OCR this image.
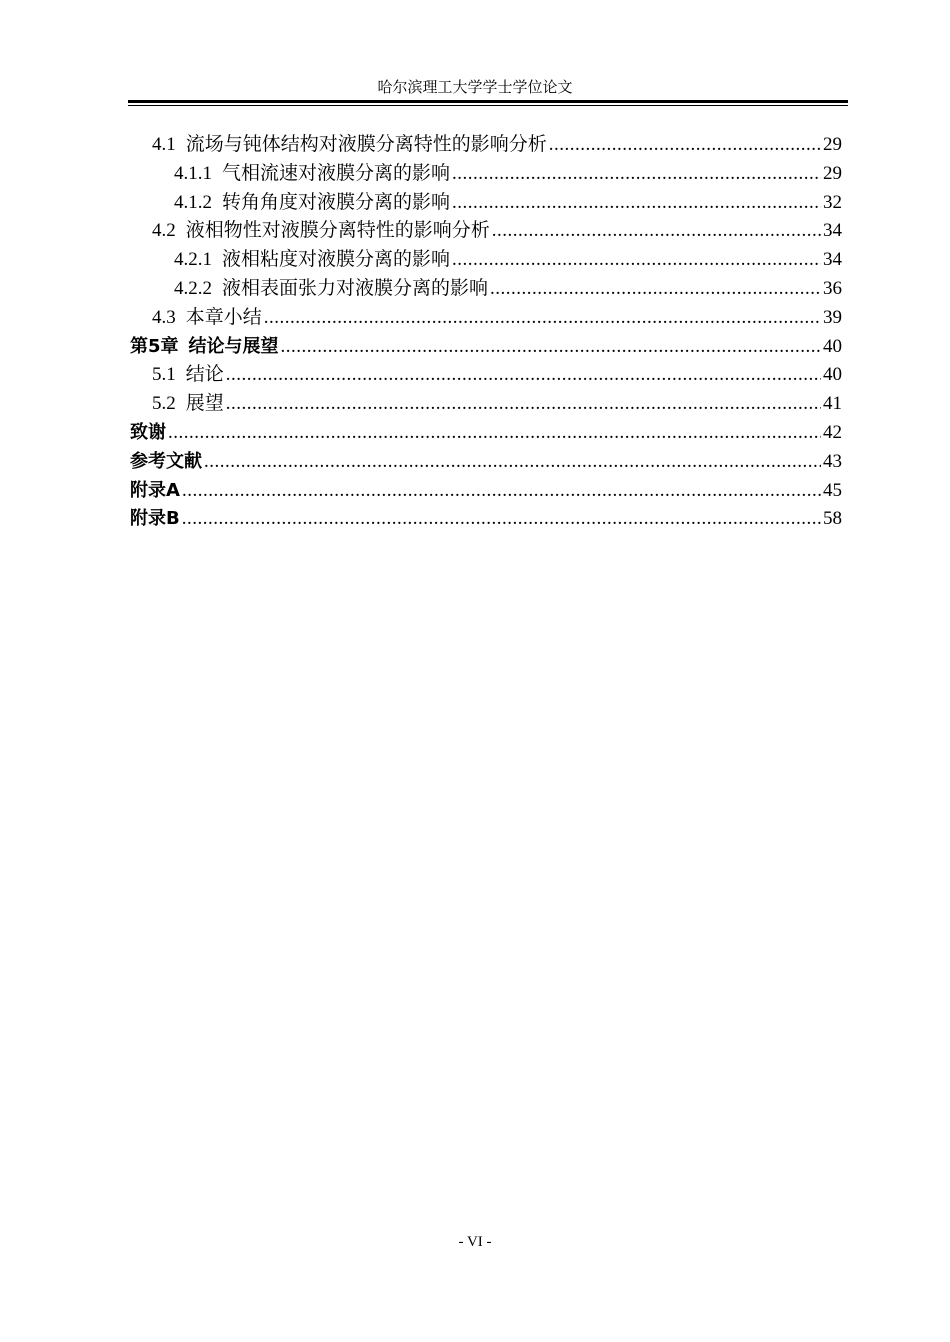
哈尔滨理工大学学士学位论文
4.1 流场与钝体结构对液膜分离特性的影响分析 .....	29
4.1.1 气相流速对液膜分离的影响 .....	29
4.1.2 转角角度对液膜分离的影响 .....	32
4.2 液相物性对液膜分离特性的影响分析 .....	34
4.2.1 液相粘度对液膜分离的影响 .....	34
4.2.2 液相表面张力对液膜分离的影响 .....	36
4.3 本章小结 .....	39
第5章 结论与展望 .....	40
5.1 结论 .....	40
5.2 展望 .....	41
致谢 .....	42
参考文献 .....	43
附录A .....	45
附录B .....	58
- VI -
